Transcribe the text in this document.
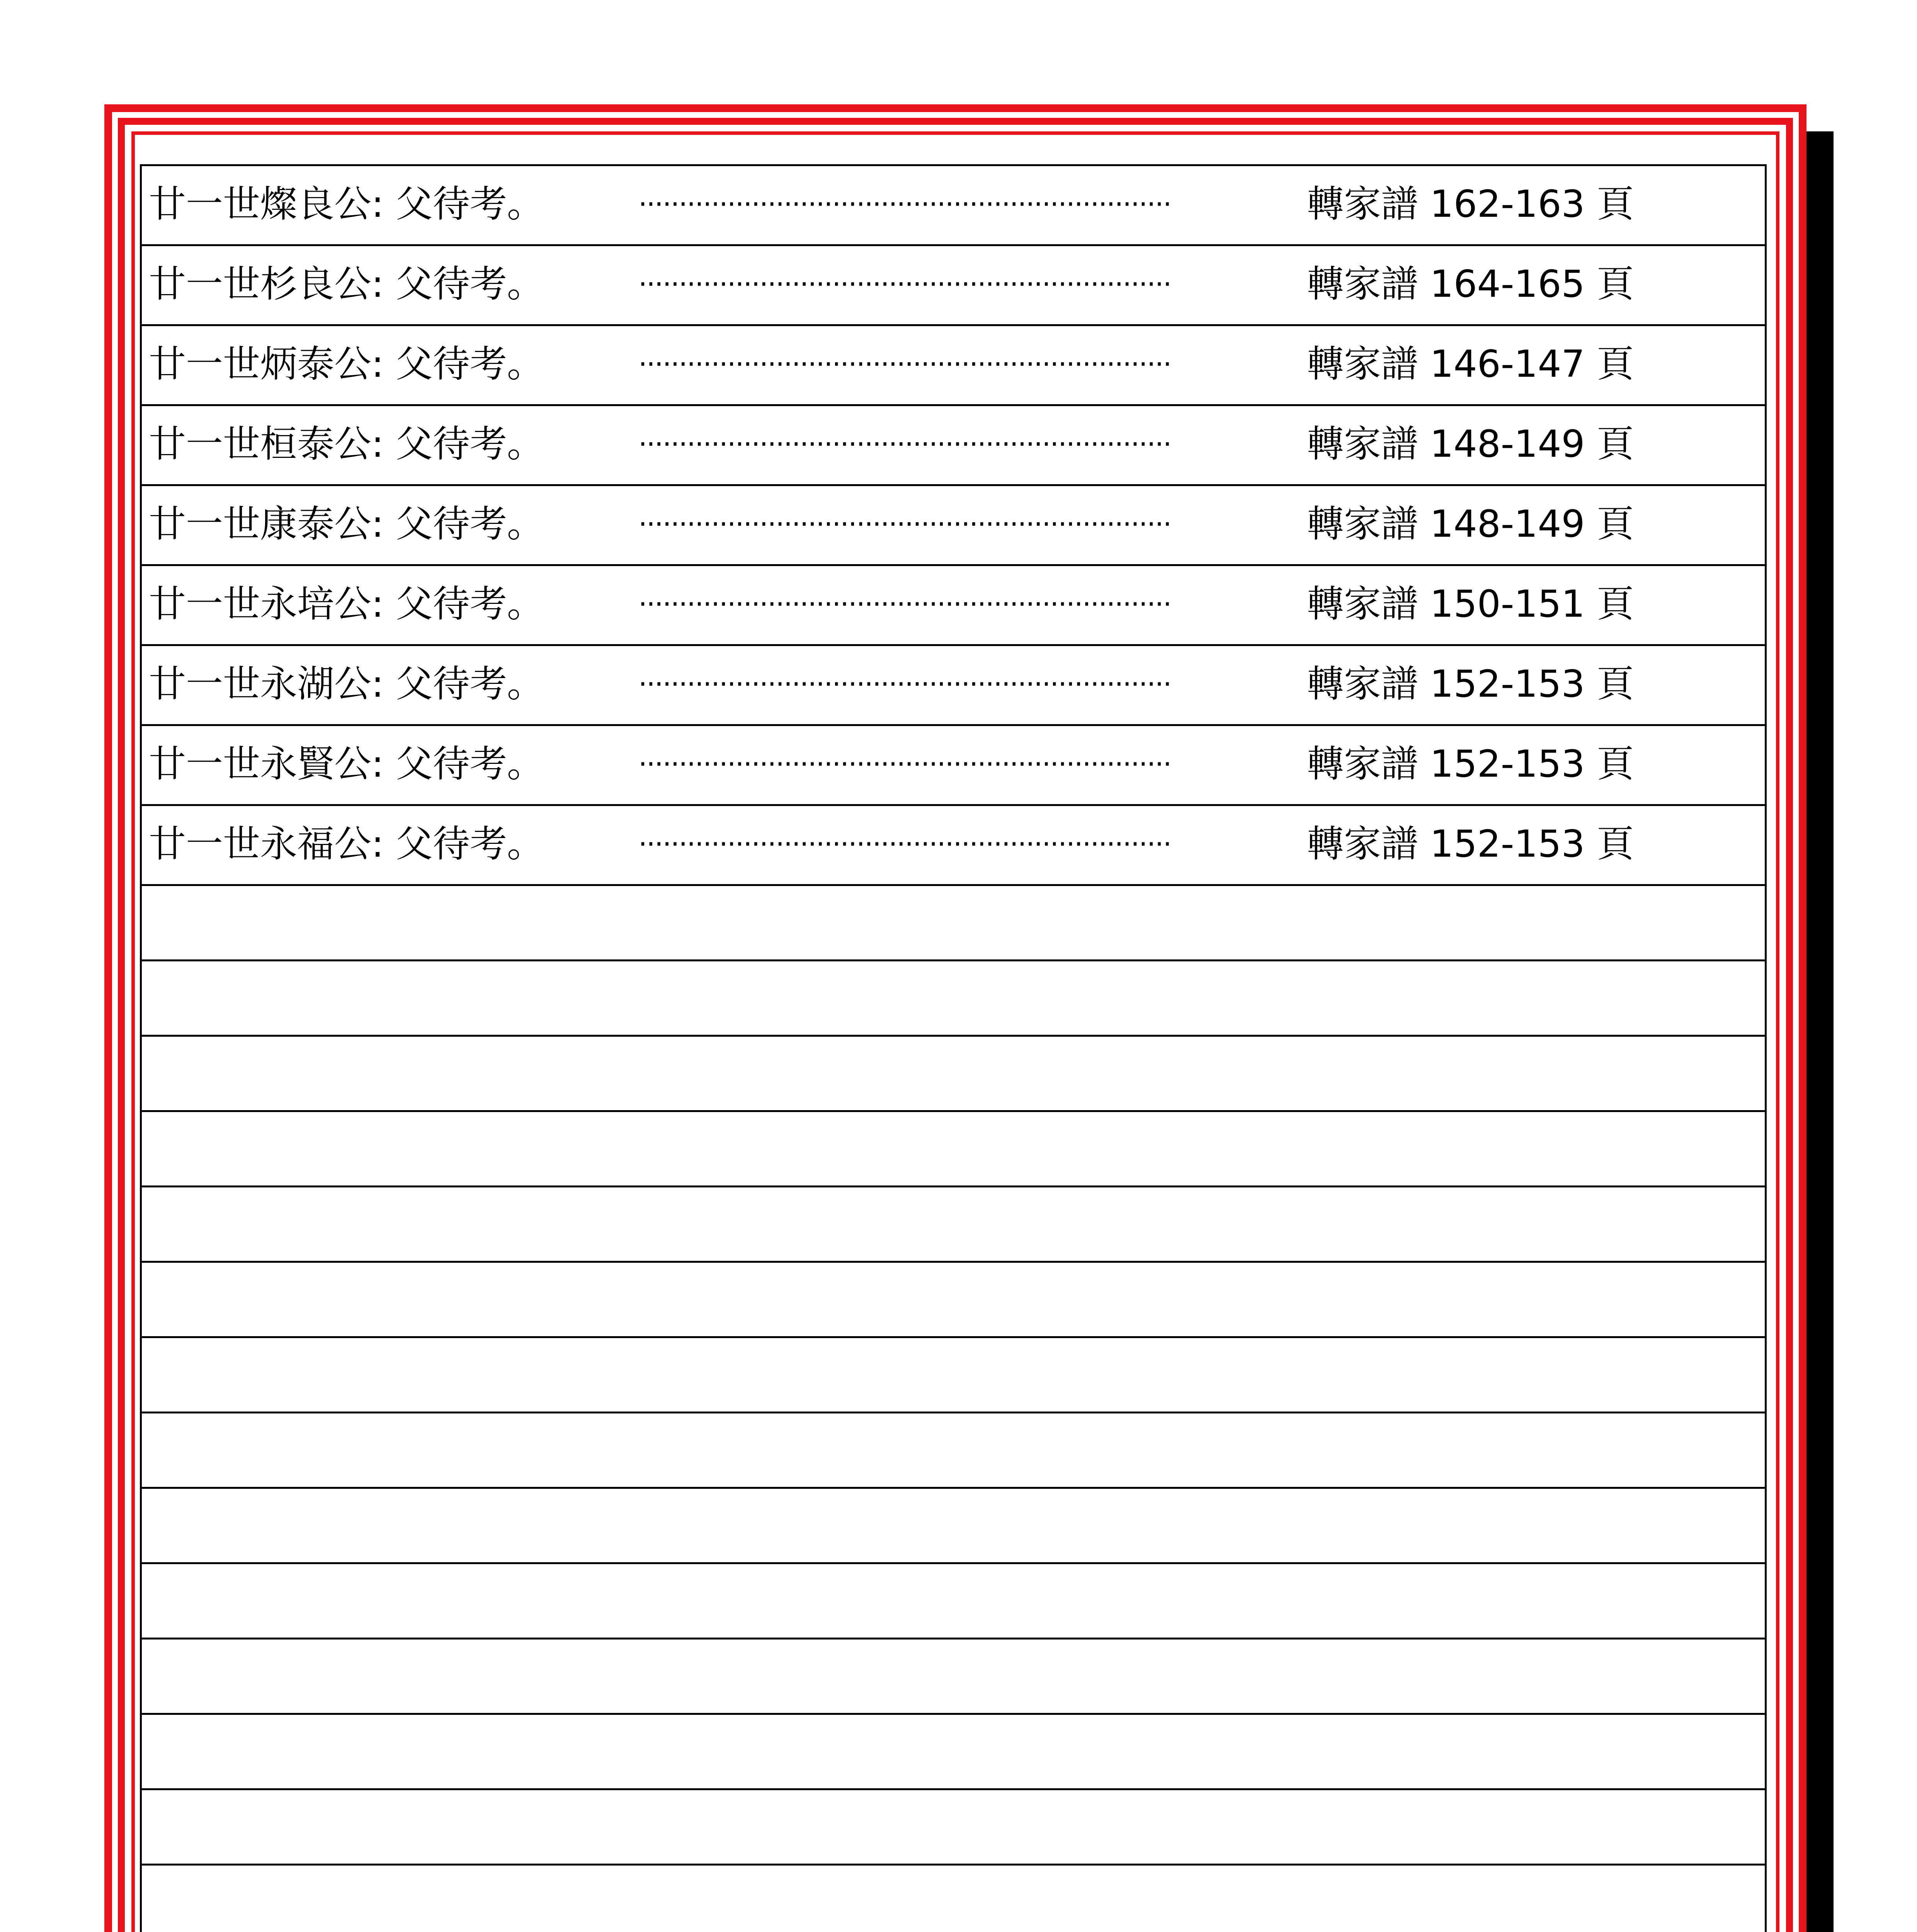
廿一世燦良公: 父待考。	··································································	轉家譜 162-163 頁
廿一世杉良公: 父待考。	··································································	轉家譜 164-165 頁
廿一世炳泰公: 父待考。	··································································	轉家譜 146-147 頁
廿一世桓泰公: 父待考。	··································································	轉家譜 148-149 頁
廿一世康泰公: 父待考。	··································································	轉家譜 148-149 頁
廿一世永培公: 父待考。	··································································	轉家譜 150-151 頁
廿一世永湖公: 父待考。	··································································	轉家譜 152-153 頁
廿一世永賢公: 父待考。	··································································	轉家譜 152-153 頁
廿一世永福公: 父待考。	··································································	轉家譜 152-153 頁
